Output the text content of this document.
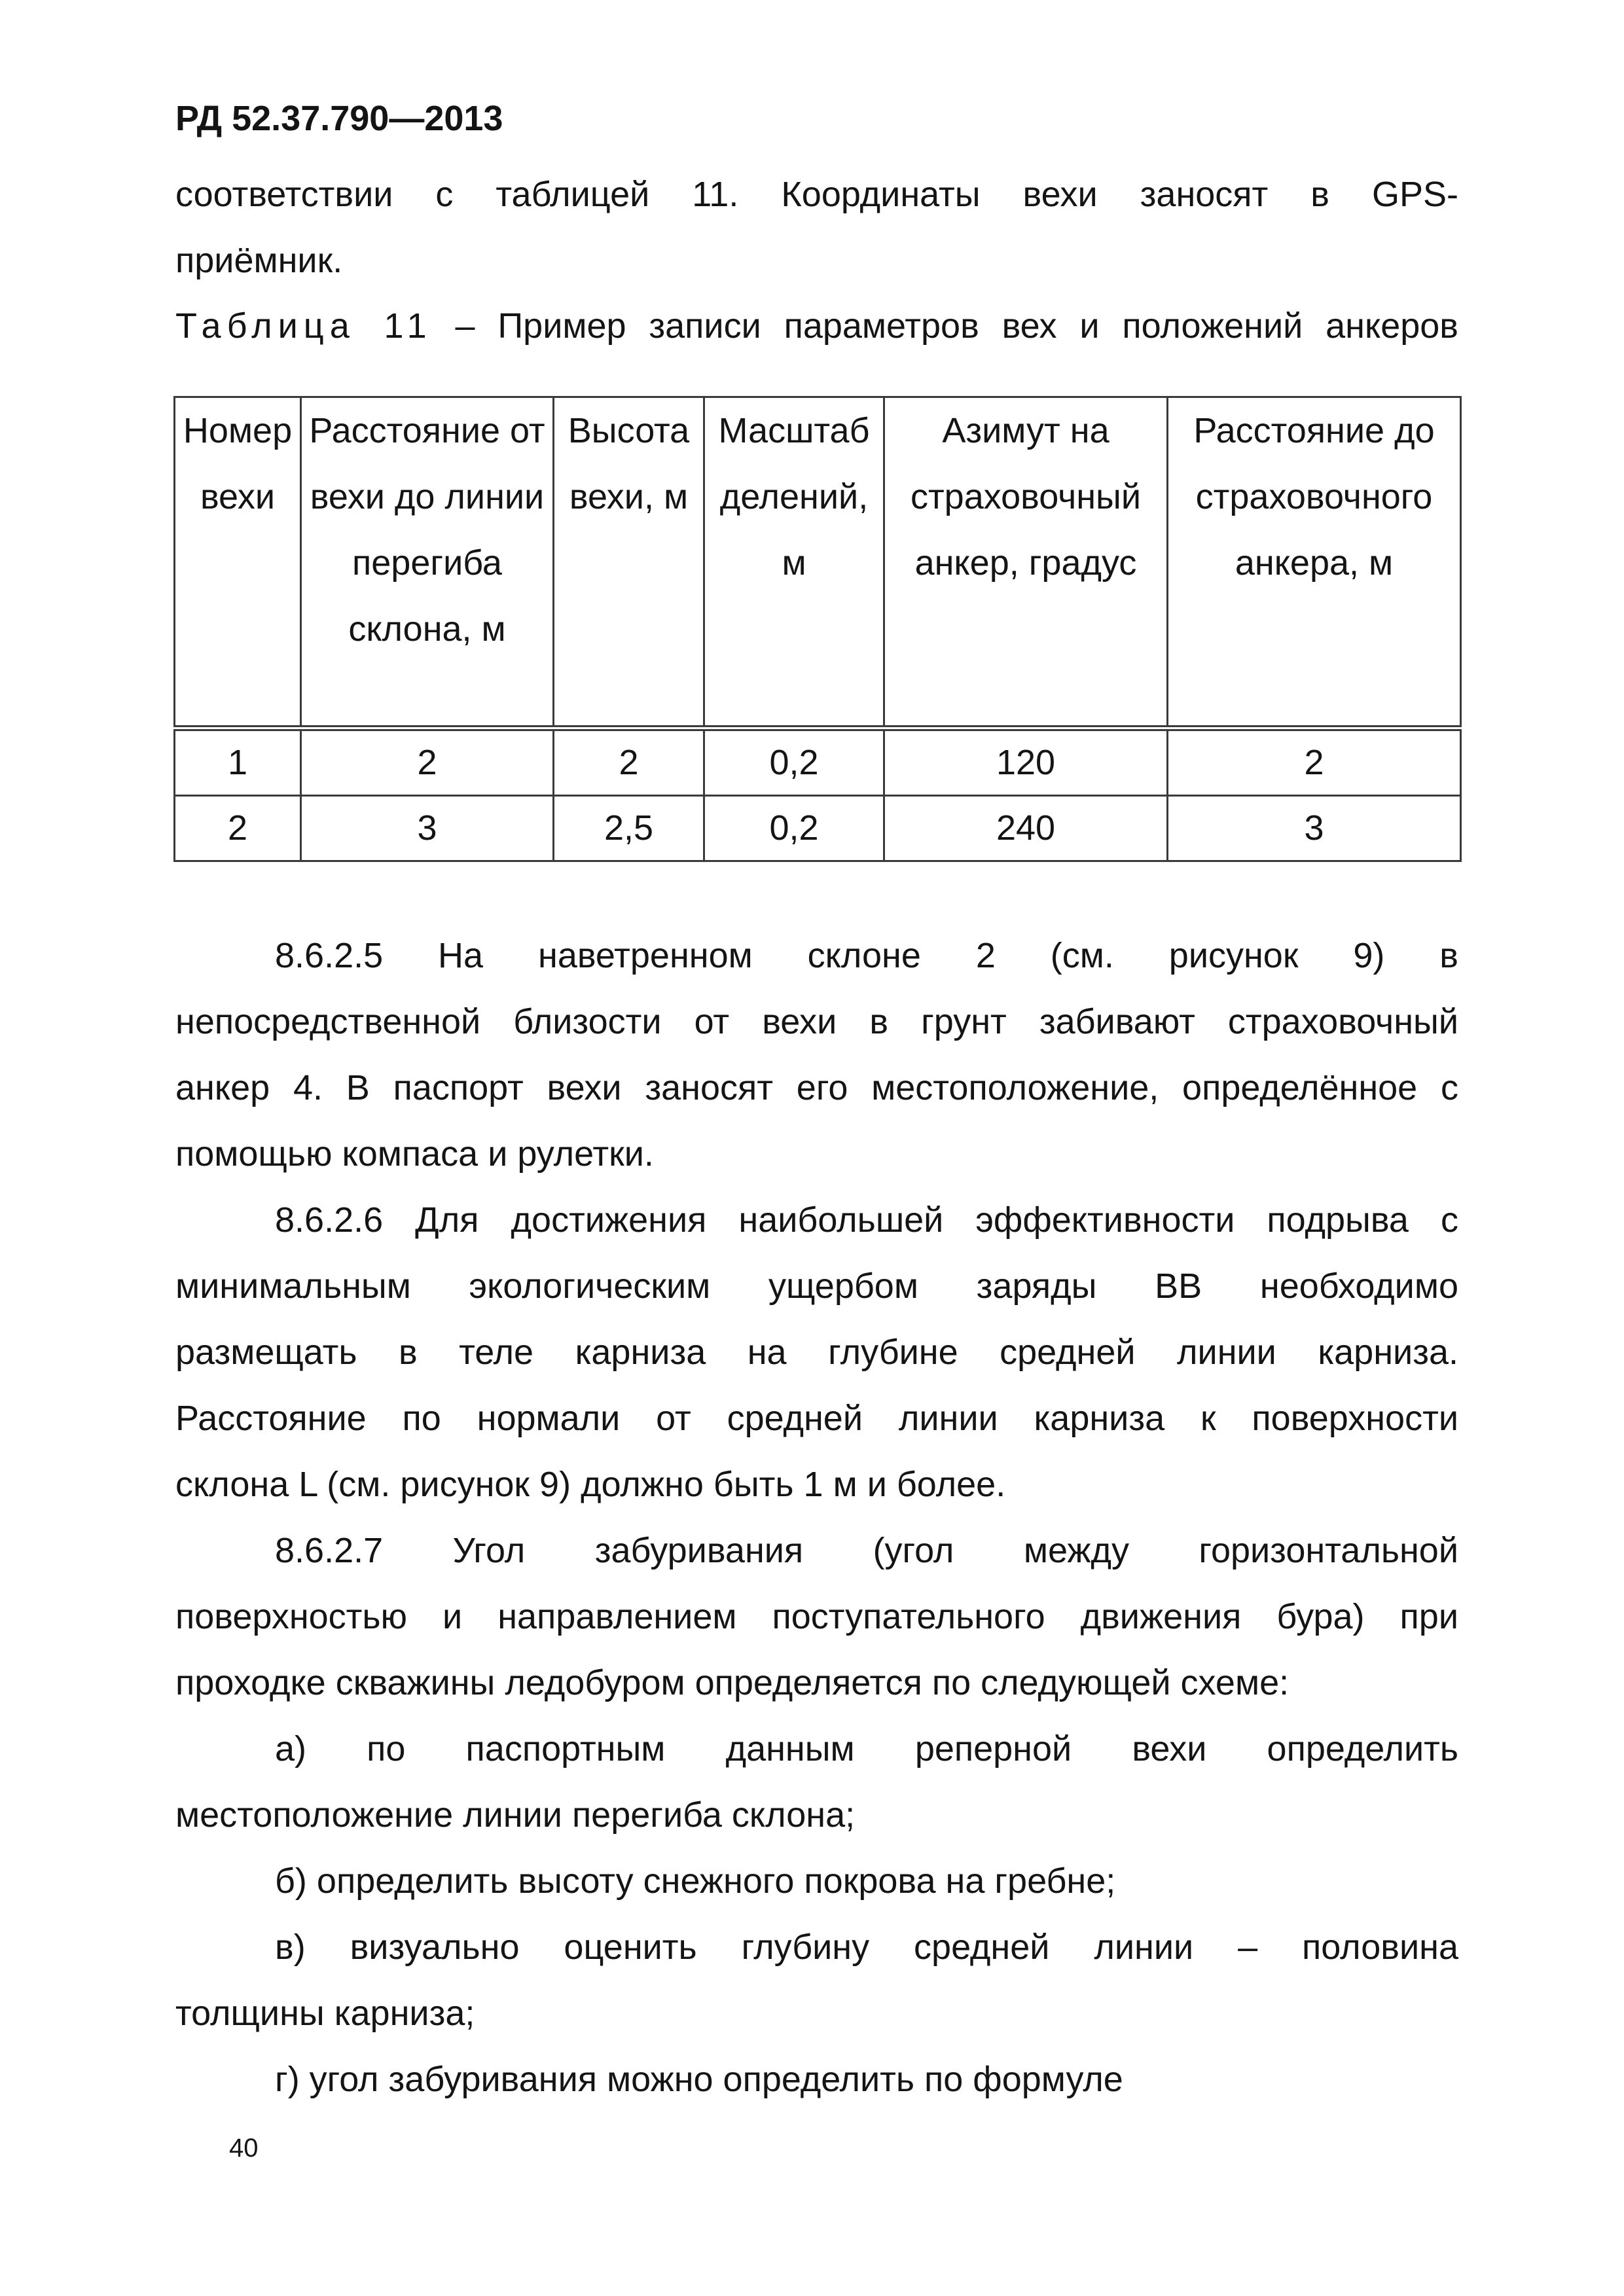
РД 52.37.790—2013

соответствии с таблицей 11. Координаты вехи заносят в GPS-

приёмник.

Таблица 11 – Пример записи параметров вех и положений анкеров
Номер вехи	Расстояние от вехи до линии перегиба склона, м	Высота вехи, м	Масштаб делений, м	Азимут на страховочный анкер, градус	Расстояние до страховочного анкера, м
1	2	2	0,2	120	2
2	3	2,5	0,2	240	3

8.6.2.5 На наветренном склоне 2 (см. рисунок 9) в

непосредственной близости от вехи в грунт забивают страховочный

анкер 4. В паспорт вехи заносят его местоположение, определённое с

помощью компаса и рулетки.

8.6.2.6 Для достижения наибольшей эффективности подрыва с

минимальным экологическим ущербом заряды ВВ необходимо

размещать в теле карниза на глубине средней линии карниза.

Расстояние по нормали от средней линии карниза к поверхности

склона L (см. рисунок 9) должно быть 1 м и более.

8.6.2.7 Угол забуривания (угол между горизонтальной

поверхностью и направлением поступательного движения бура) при

проходке скважины ледобуром определяется по следующей схеме:

а) по паспортным данным реперной вехи определить

местоположение линии перегиба склона;

б) определить высоту снежного покрова на гребне;

в) визуально оценить глубину средней линии – половина

толщины карниза;

г) угол забуривания можно определить по формуле

40
